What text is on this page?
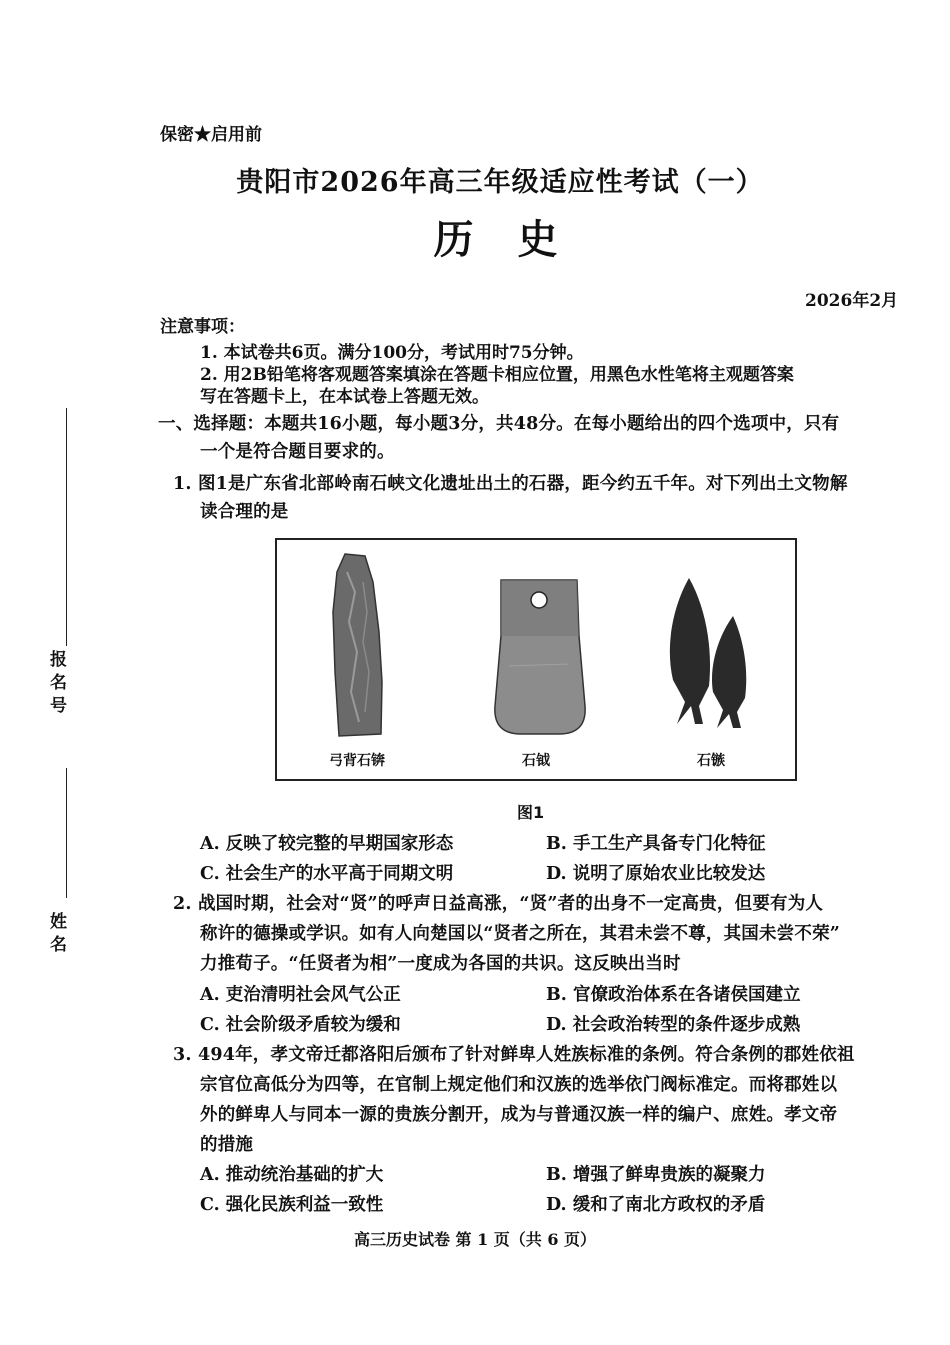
报名号
姓名
保密★启用前
贵阳市2026年高三年级适应性考试（一）
历史
2026年2月
注意事项：
1. 本试卷共6页。满分100分，考试用时75分钟。
2. 用2B铅笔将客观题答案填涂在答题卡相应位置，用黑色水性笔将主观题答案
写在答题卡上，在本试卷上答题无效。
一、选择题：本题共16小题，每小题3分，共48分。在每小题给出的四个选项中，只有
一个是符合题目要求的。
1. 图1是广东省北部岭南石峡文化遗址出土的石器，距今约五千年。对下列出土文物解
读合理的是
弓背石锛	石钺	石镞
图1
A. 反映了较完整的早期国家形态	B. 手工生产具备专门化特征
C. 社会生产的水平高于同期文明	D. 说明了原始农业比较发达
2. 战国时期，社会对“贤”的呼声日益高涨，“贤”者的出身不一定高贵，但要有为人
称许的德操或学识。如有人向楚国以“贤者之所在，其君未尝不尊，其国未尝不荣”
力推荀子。“任贤者为相”一度成为各国的共识。这反映出当时
A. 吏治清明社会风气公正	B. 官僚政治体系在各诸侯国建立
C. 社会阶级矛盾较为缓和	D. 社会政治转型的条件逐步成熟
3. 494年，孝文帝迁都洛阳后颁布了针对鲜卑人姓族标准的条例。符合条例的郡姓依祖
宗官位高低分为四等，在官制上规定他们和汉族的选举依门阀标准定。而将郡姓以
外的鲜卑人与同本一源的贵族分割开，成为与普通汉族一样的编户、庶姓。孝文帝
的措施
A. 推动统治基础的扩大	B. 增强了鲜卑贵族的凝聚力
C. 强化民族利益一致性	D. 缓和了南北方政权的矛盾
高三历史试卷 第 1 页（共 6 页）
